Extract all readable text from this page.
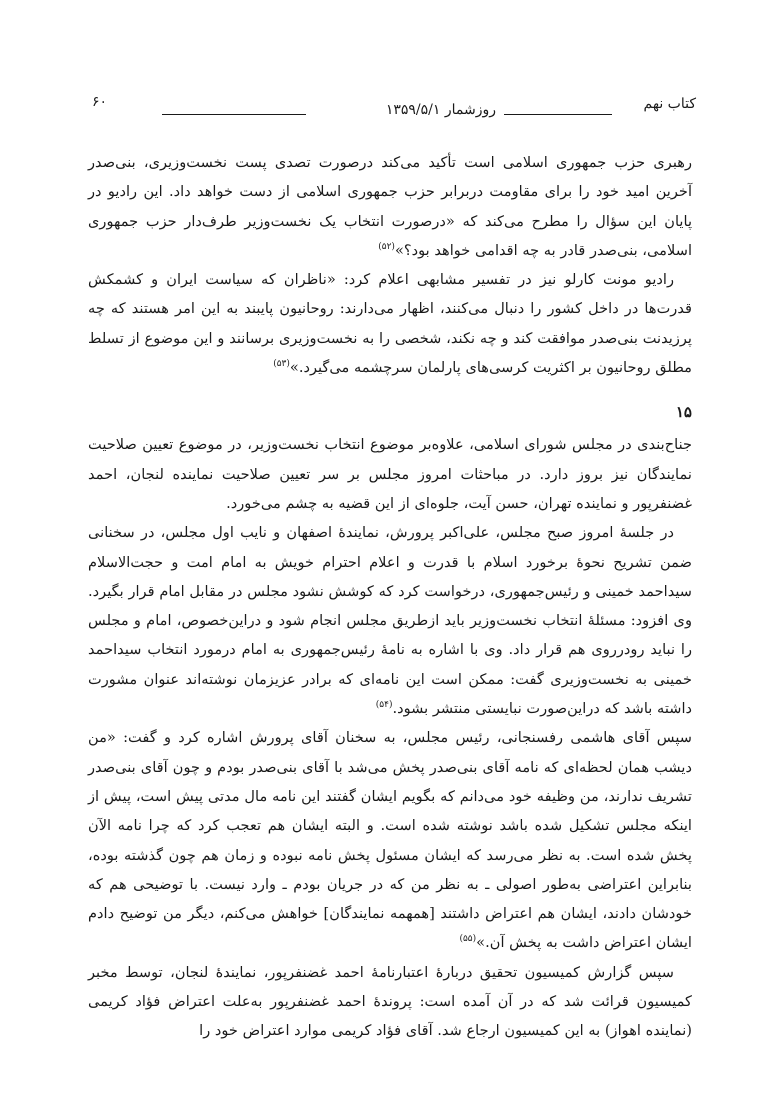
کتاب نهم
روزشمار ۱۳۵۹/۵/۱
۶۰

رهبری حزب جمهوری اسلامی است تأکید می‌کند درصورت تصدی پست نخست‌وزیری، بنی‌صدر آخرین امید خود را برای مقاومت دربرابر حزب جمهوری اسلامی از دست خواهد داد. این رادیو در پایان این سؤال را مطرح می‌کند که «درصورت انتخاب یک نخست‌وزیر طرف‌دار حزب جمهوری اسلامی، بنی‌صدر قادر به چه اقدامی خواهد بود؟»$^{(۵۲)}$

رادیو مونت کارلو نیز در تفسیر مشابهی اعلام کرد: «ناظران که سیاست ایران و کشمکش قدرت‌ها در داخل کشور را دنبال می‌کنند، اظهار می‌دارند: روحانیون پایبند به این امر هستند که چه پرزیدنت بنی‌صدر موافقت کند و چه نکند، شخصی را به نخست‌وزیری برسانند و این موضوع از تسلط مطلق روحانیون بر اکثریت کرسی‌های پارلمان سرچشمه می‌گیرد.»$^{(۵۳)}$

۱۵

جناح‌بندی در مجلس شورای اسلامی، علاوه‌بر موضوع انتخاب نخست‌وزیر، در موضوع تعیین صلاحیت نمایندگان نیز بروز دارد. در مباحثات امروز مجلس بر سر تعیین صلاحیت نماینده لنجان، احمد غضنفرپور و نماینده تهران، حسن آیت، جلوه‌ای از این قضیه به چشم می‌خورد.

در جلسهٔ امروز صبح مجلس، علی‌اکبر پرورش، نمایندهٔ اصفهان و نایب اول مجلس، در سخنانی ضمن تشریح نحوهٔ برخورد اسلام با قدرت و اعلام احترام خویش به امام امت و حجت‌الاسلام سیداحمد خمینی و رئیس‌جمهوری، درخواست کرد که کوشش نشود مجلس در مقابل امام قرار بگیرد. وی افزود: مسئلهٔ انتخاب نخست‌وزیر باید ازطریق مجلس انجام شود و دراین‌خصوص، امام و مجلس را نباید رودرروی هم قرار داد. وی با اشاره به نامهٔ رئیس‌جمهوری به امام درمورد انتخاب سیداحمد خمینی به نخست‌وزیری گفت: ممکن است این نامه‌ای که برادر عزیزمان نوشته‌اند عنوان مشورت داشته باشد که دراین‌صورت نبایستی منتشر بشود.$^{(۵۴)}$

سپس آقای هاشمی رفسنجانی، رئیس مجلس، به سخنان آقای پرورش اشاره کرد و گفت: «من دیشب همان لحظه‌ای که نامه آقای بنی‌صدر پخش می‌شد با آقای بنی‌صدر بودم و چون آقای بنی‌صدر تشریف ندارند، من وظیفه خود می‌دانم که بگویم ایشان گفتند این نامه مال مدتی پیش است، پیش از اینکه مجلس تشکیل شده باشد نوشته شده است. و البته ایشان هم تعجب کرد که چرا نامه الآن پخش شده است. به نظر می‌رسد که ایشان مسئول پخش نامه نبوده و زمان هم چون گذشته بوده، بنابراین اعتراضی به‌طور اصولی ـ به نظر من که در جریان بودم ـ وارد نیست. با توضیحی هم که خودشان دادند، ایشان هم اعتراض داشتند [همهمه نمایندگان] خواهش می‌کنم، دیگر من توضیح دادم ایشان اعتراض داشت به پخش آن.»$^{(۵۵)}$

سپس گزارش کمیسیون تحقیق دربارهٔ اعتبارنامهٔ احمد غضنفرپور، نمایندهٔ لنجان، توسط مخبر کمیسیون قرائت شد که در آن آمده است: پروندهٔ احمد غضنفرپور به‌علت اعتراض فؤاد کریمی (نماینده اهواز) به این کمیسیون ارجاع شد. آقای فؤاد کریمی موارد اعتراض خود را
